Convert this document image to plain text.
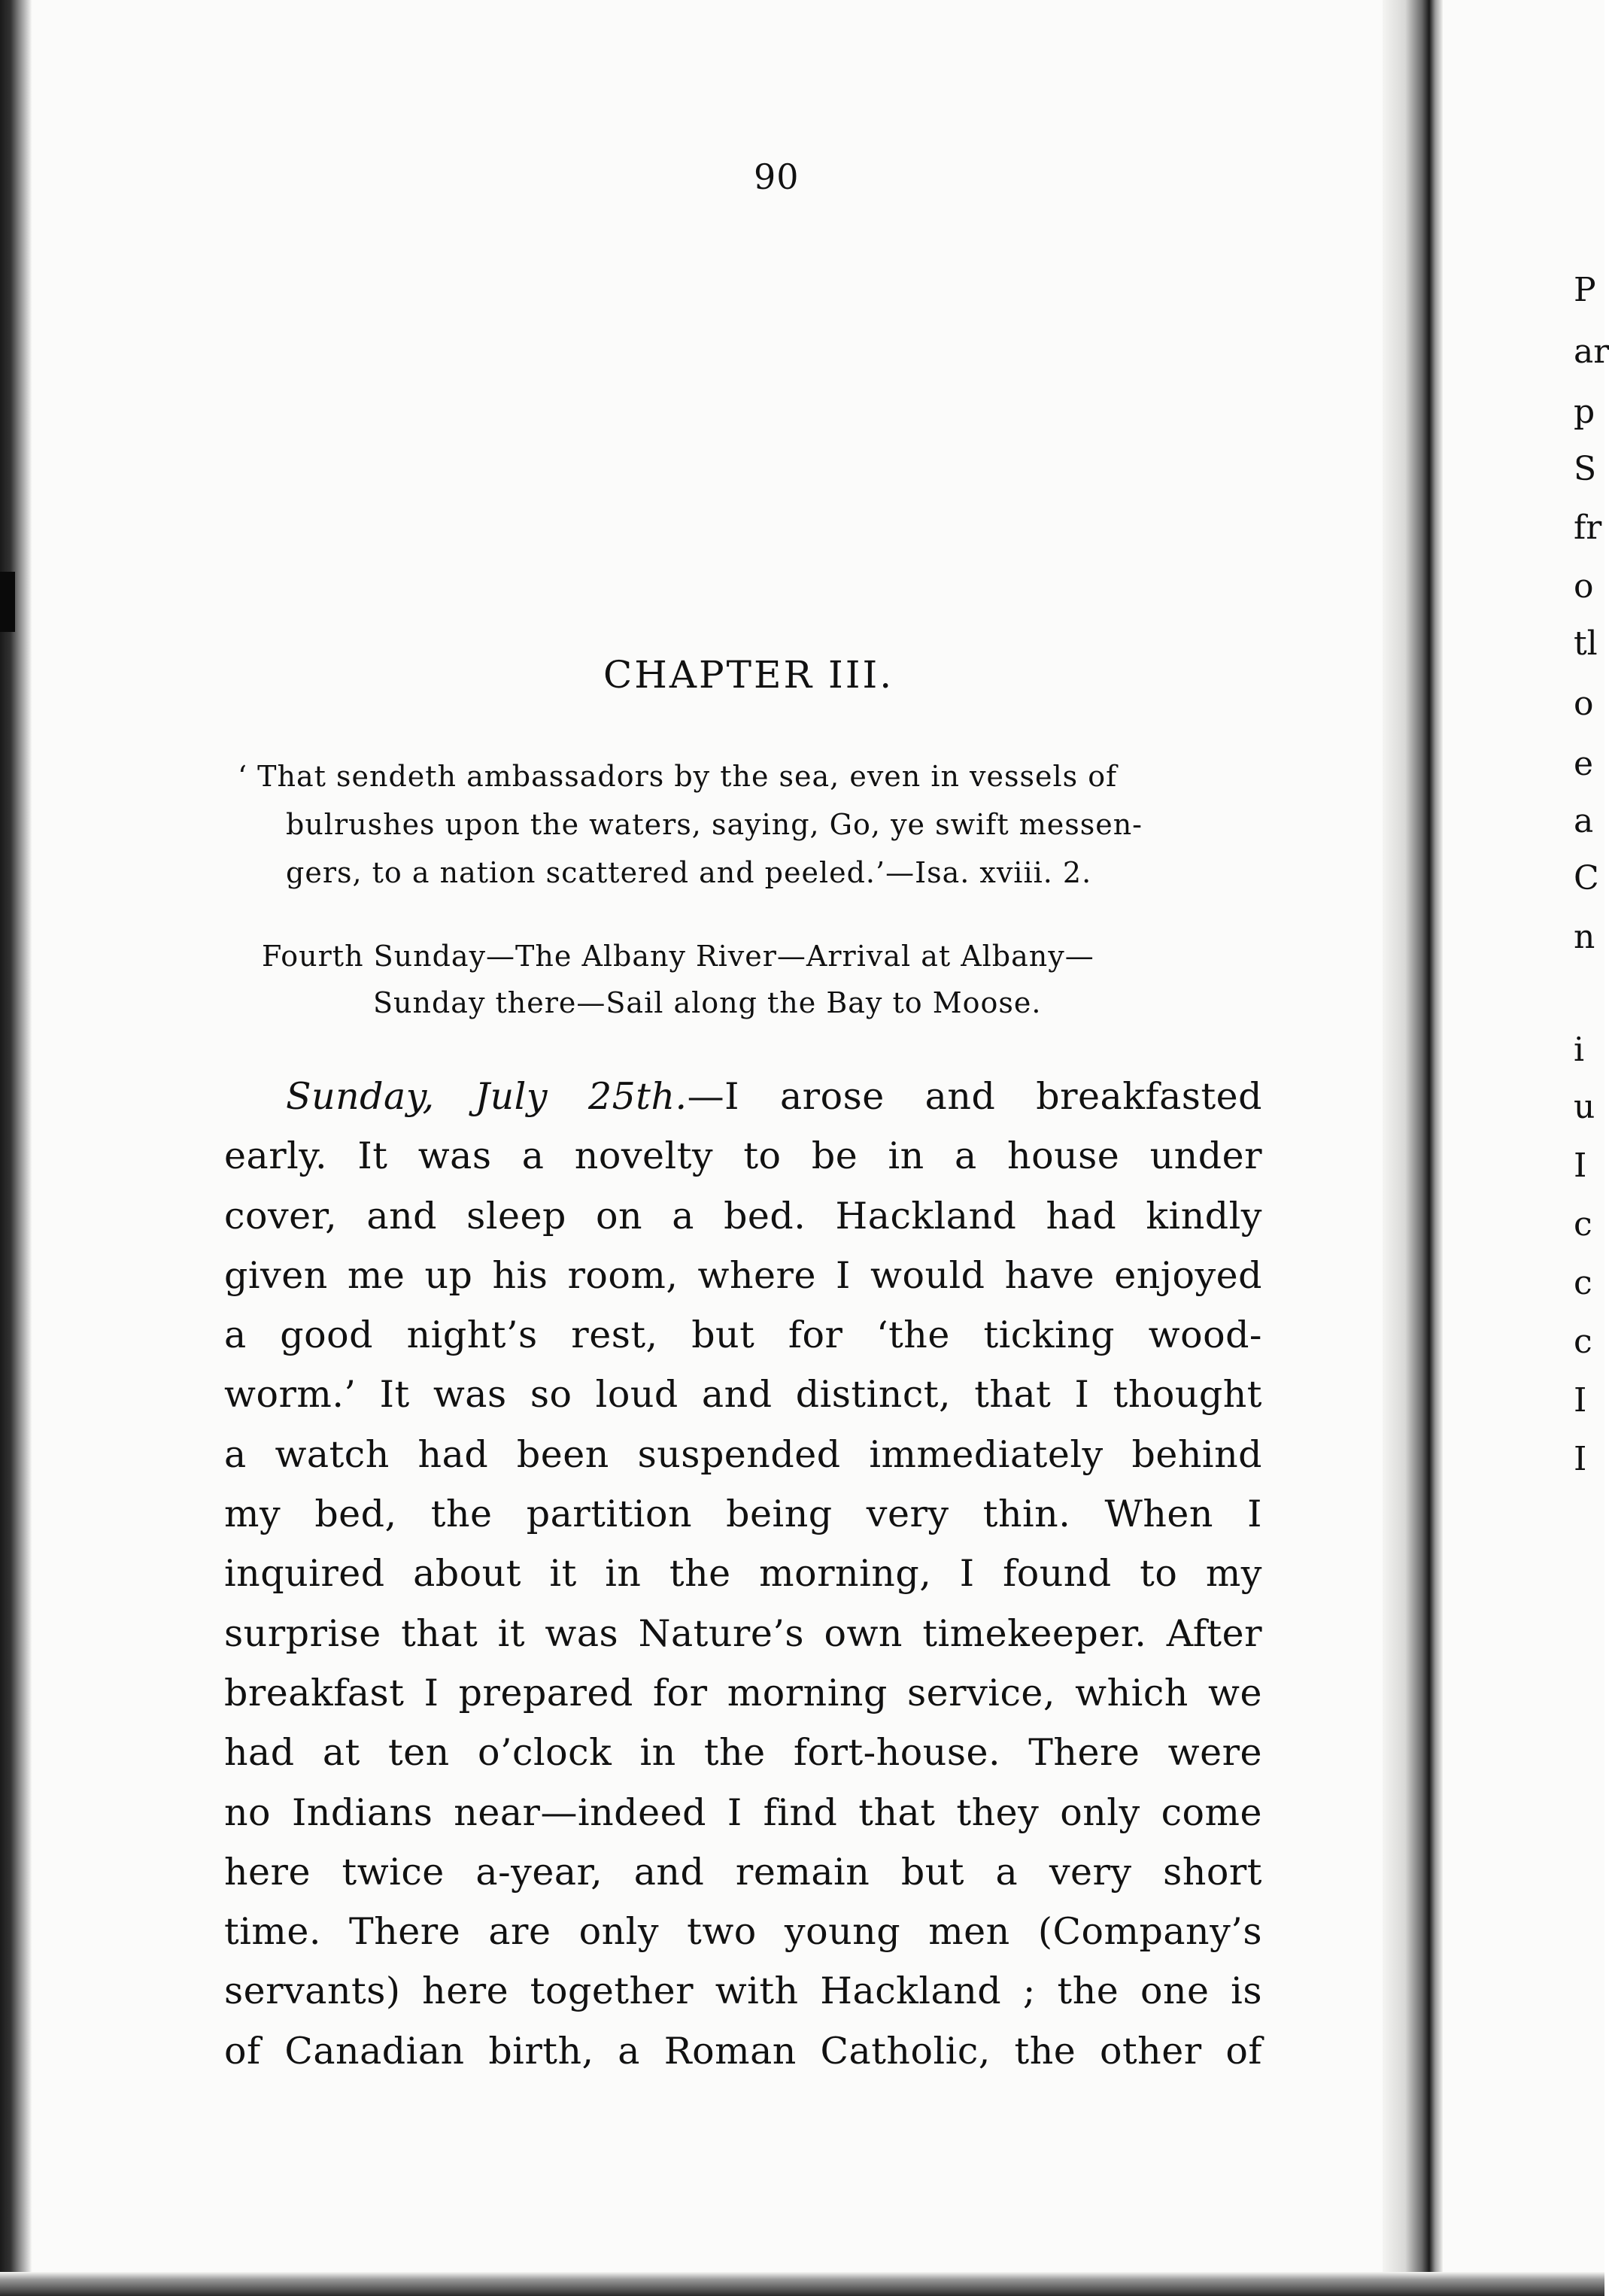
90
CHAPTER III.
‘ That sendeth ambassadors by the sea, even in vessels of
bulrushes upon the waters, saying, Go, ye swift messen-
gers, to a nation scattered and peeled.’—Isa. xviii. 2.
Fourth Sunday—The Albany River—Arrival at Albany—
Sunday there—Sail along the Bay to Moose.
Sunday, July 25th.—I arose and breakfasted
early. It was a novelty to be in a house under
cover, and sleep on a bed. Hackland had kindly
given me up his room, where I would have enjoyed
a good night’s rest, but for ‘the ticking wood-
worm.’ It was so loud and distinct, that I thought
a watch had been suspended immediately behind
my bed, the partition being very thin. When I
inquired about it in the morning, I found to my
surprise that it was Nature’s own timekeeper. After
breakfast I prepared for morning service, which we
had at ten o’clock in the fort-house. There were
no Indians near—indeed I find that they only come
here twice a-year, and remain but a very short
time. There are only two young men (Company’s
servants) here together with Hackland ; the one is
of Canadian birth, a Roman Catholic, the other of
P
ar
p
S
fr
o
tl
o
e
a
C
n
i
u
I
c
c
c
I
I
